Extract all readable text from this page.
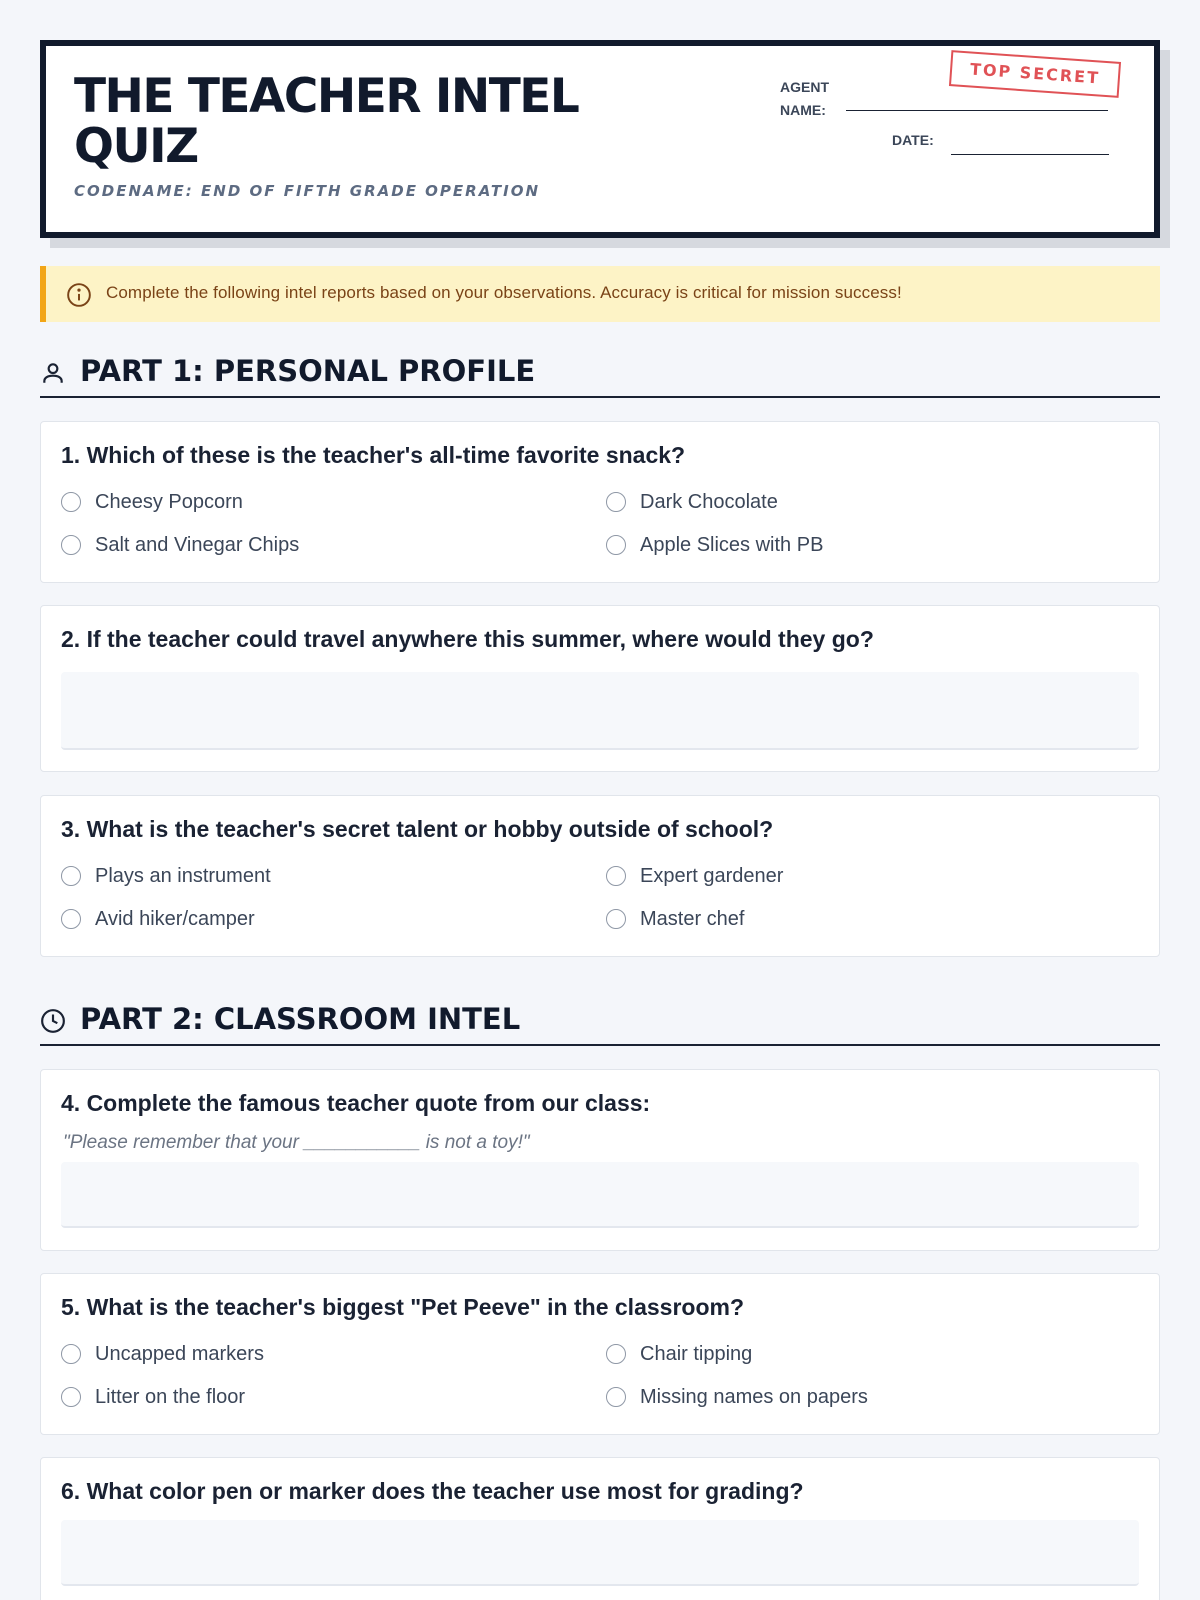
THE TEACHER INTEL QUIZ
CODENAME: END OF FIFTH GRADE OPERATION
AGENT
NAME:
DATE:
TOP SECRET
Complete the following intel reports based on your observations. Accuracy is critical for mission success!
PART 1: PERSONAL PROFILE
1. Which of these is the teacher's all-time favorite snack?
Cheesy Popcorn	Dark Chocolate
Salt and Vinegar Chips	Apple Slices with PB
2. If the teacher could travel anywhere this summer, where would they go?
3. What is the teacher's secret talent or hobby outside of school?
Plays an instrument	Expert gardener
Avid hiker/camper	Master chef
PART 2: CLASSROOM INTEL
4. Complete the famous teacher quote from our class:
"Please remember that your ___________ is not a toy!"
5. What is the teacher's biggest "Pet Peeve" in the classroom?
Uncapped markers	Chair tipping
Litter on the floor	Missing names on papers
6. What color pen or marker does the teacher use most for grading?
